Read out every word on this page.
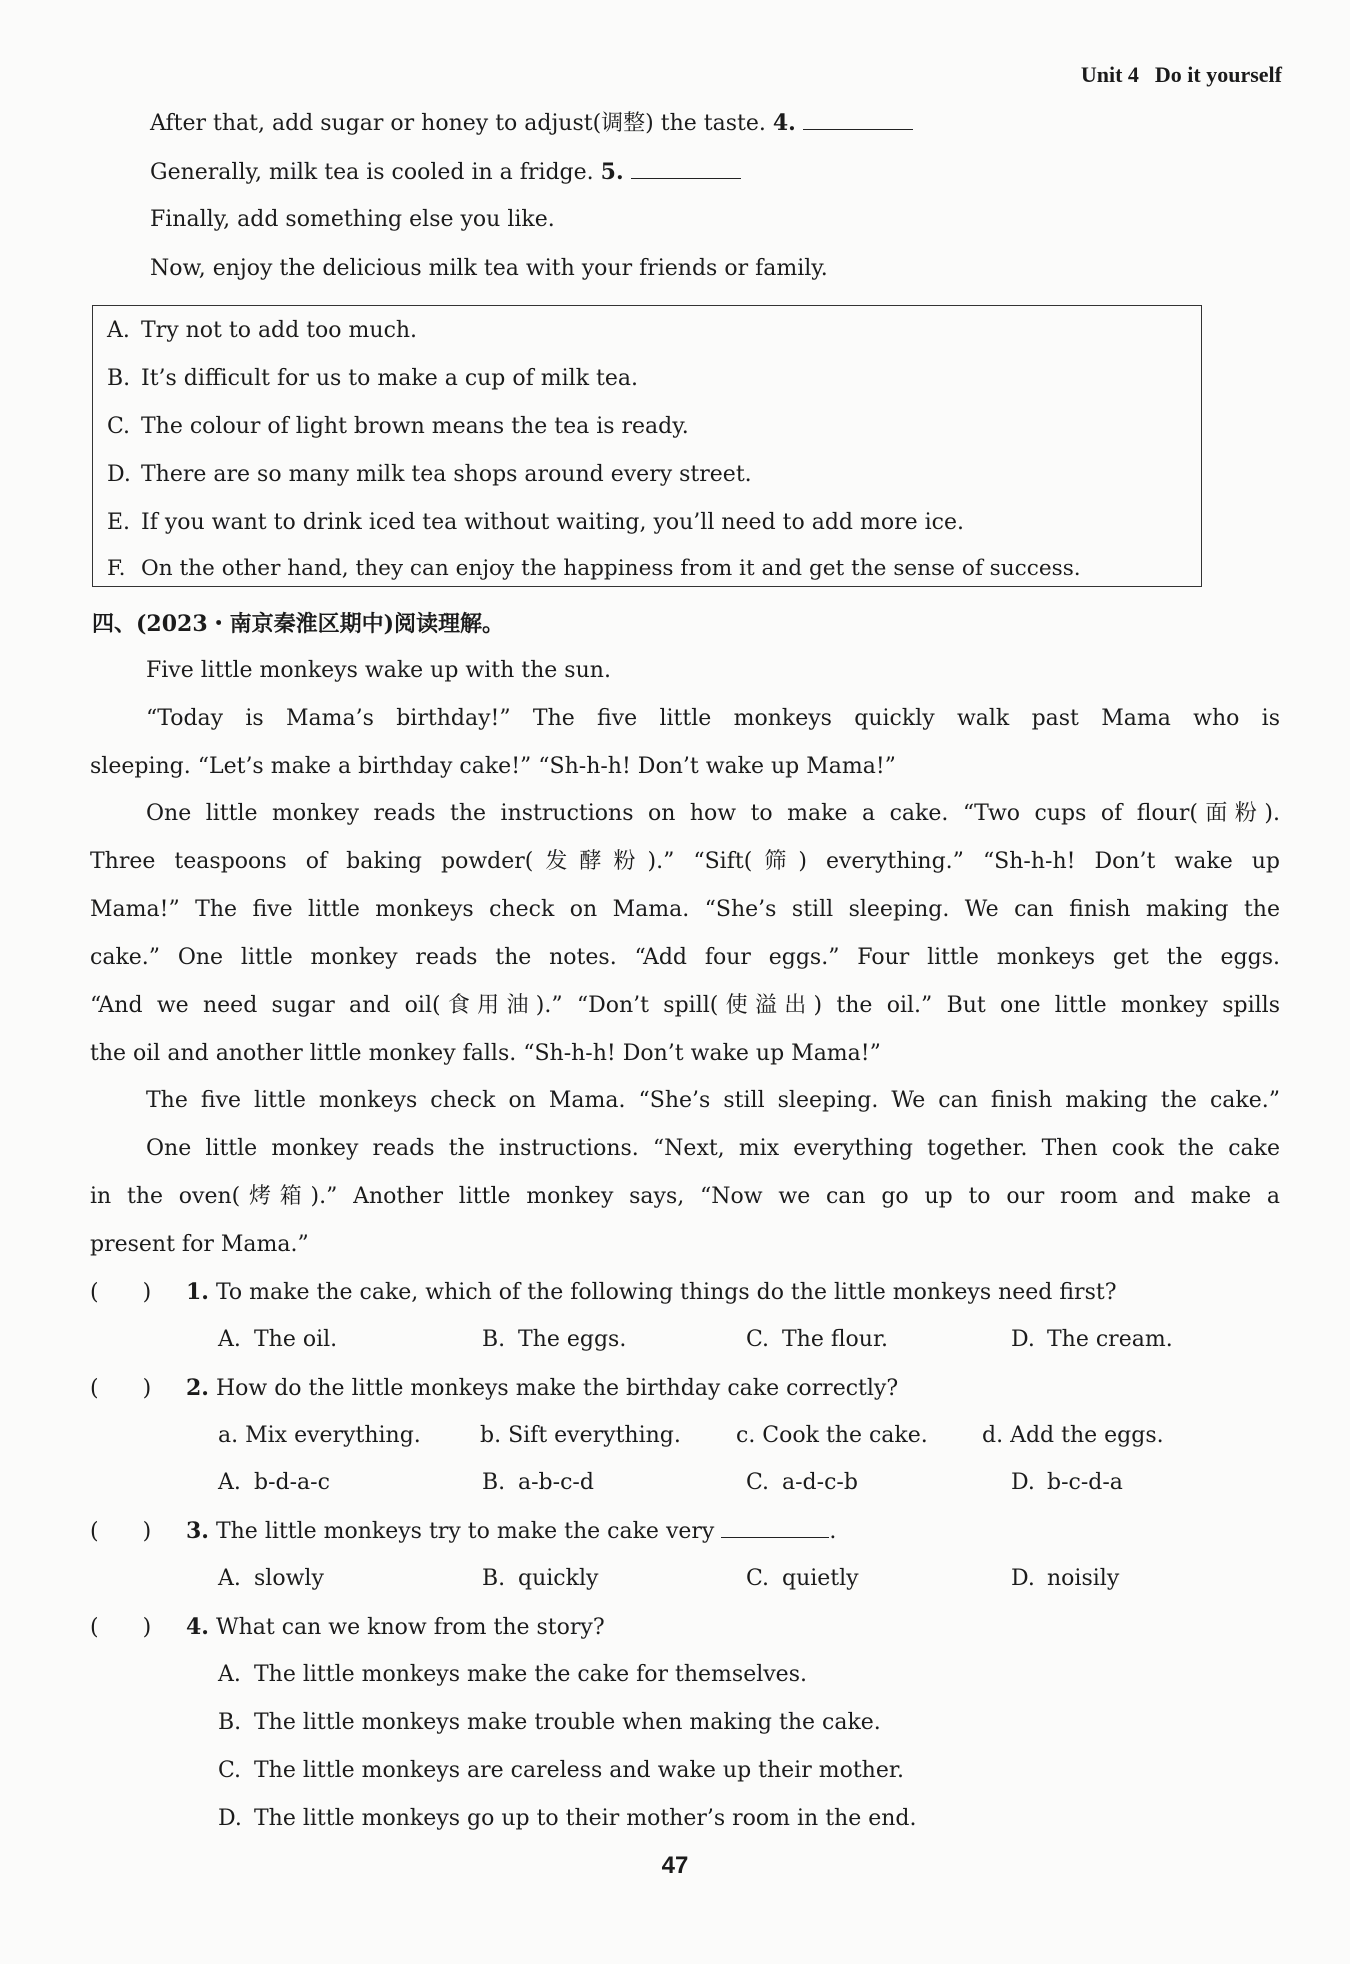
Unit 4 Do it yourself
After that, add sugar or honey to adjust(调整) the taste. 4.
Generally, milk tea is cooled in a fridge. 5.
Finally, add something else you like.
Now, enjoy the delicious milk tea with your friends or family.
A. Try not to add too much.
B. It’s difficult for us to make a cup of milk tea.
C. The colour of light brown means the tea is ready.
D. There are so many milk tea shops around every street.
E. If you want to drink iced tea without waiting, you’ll need to add more ice.
F. On the other hand, they can enjoy the happiness from it and get the sense of success.
四、(2023・南京秦淮区期中)阅读理解。
Five little monkeys wake up with the sun.
“Today is Mama’s birthday!” The five little monkeys quickly walk past Mama who is
sleeping. “Let’s make a birthday cake!” “Sh-h-h! Don’t wake up Mama!”
One little monkey reads the instructions on how to make a cake. “Two cups of flour(面粉).
Three teaspoons of baking powder(发酵粉).” “Sift(筛) everything.” “Sh-h-h! Don’t wake up
Mama!” The five little monkeys check on Mama. “She’s still sleeping. We can finish making the
cake.” One little monkey reads the notes. “Add four eggs.” Four little monkeys get the eggs.
“And we need sugar and oil(食用油).” “Don’t spill(使溢出) the oil.” But one little monkey spills
the oil and another little monkey falls. “Sh-h-h! Don’t wake up Mama!”
The five little monkeys check on Mama. “She’s still sleeping. We can finish making the cake.”
One little monkey reads the instructions. “Next, mix everything together. Then cook the cake
in the oven(烤箱).” Another little monkey says, “Now we can go up to our room and make a
present for Mama.”
(　　) 1. To make the cake, which of the following things do the little monkeys need first?
A. The oil.	B. The eggs.	C. The flour.	D. The cream.
(　　) 2. How do the little monkeys make the birthday cake correctly?
a. Mix everything.	b. Sift everything.	c. Cook the cake. d. Add the eggs.
A. b-d-a-c	B. a-b-c-d	C. a-d-c-b	D. b-c-d-a
(　　) 3. The little monkeys try to make the cake very	.
A. slowly	B. quickly	C. quietly	D. noisily
(　　) 4. What can we know from the story?
A. The little monkeys make the cake for themselves.
B. The little monkeys make trouble when making the cake.
C. The little monkeys are careless and wake up their mother.
D. The little monkeys go up to their mother’s room in the end.
47
